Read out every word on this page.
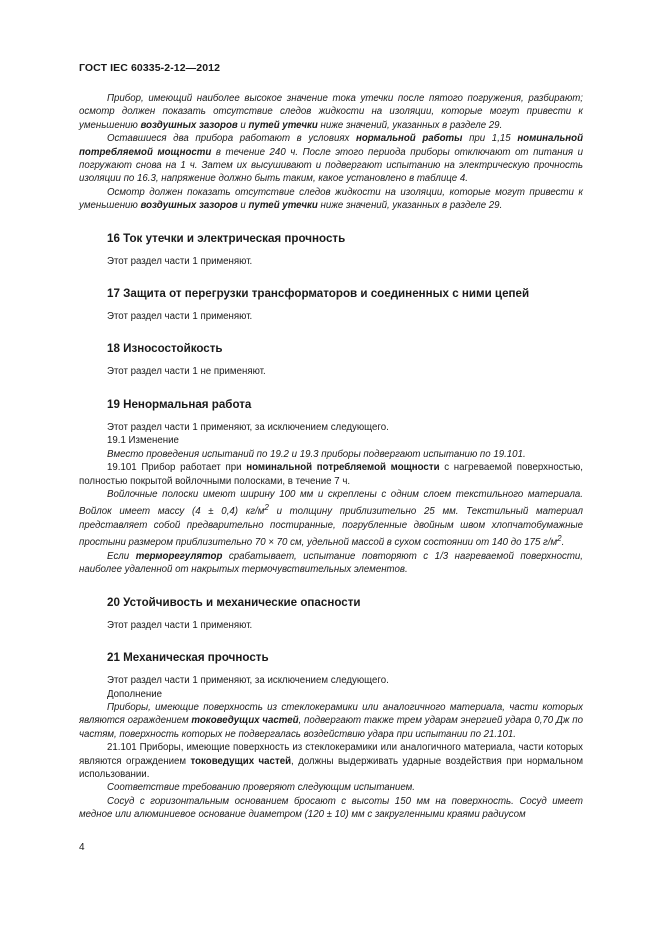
ГОСТ IEC 60335-2-12—2012

Прибор, имеющий наиболее высокое значение тока утечки после пятого погружения, разбирают; осмотр должен показать отсутствие следов жидкости на изоляции, которые могут привести к уменьшению воздушных зазоров и путей утечки ниже значений, указанных в разделе 29.

Оставшиеся два прибора работают в условиях нормальной работы при 1,15 номинальной потребляемой мощности в течение 240 ч. После этого периода приборы отключают от питания и погружают снова на 1 ч. Затем их высушивают и подвергают испытанию на электрическую прочность изоляции по 16.3, напряжение должно быть таким, какое установлено в таблице 4.

Осмотр должен показать отсутствие следов жидкости на изоляции, которые могут привести к уменьшению воздушных зазоров и путей утечки ниже значений, указанных в разделе 29.

16 Ток утечки и электрическая прочность

Этот раздел части 1 применяют.

17 Защита от перегрузки трансформаторов и соединенных с ними цепей

Этот раздел части 1 применяют.

18 Износостойкость

Этот раздел части 1 не применяют.

19 Ненормальная работа

Этот раздел части 1 применяют, за исключением следующего.

19.1 Изменение

Вместо проведения испытаний по 19.2 и 19.3 приборы подвергают испытанию по 19.101.

19.101 Прибор работает при номинальной потребляемой мощности с нагреваемой поверхностью, полностью покрытой войлочными полосками, в течение 7 ч.

Войлочные полоски имеют ширину 100 мм и скреплены с одним слоем текстильного материала. Войлок имеет массу (4 ± 0,4) $кг/м^2$ и толщину приблизительно 25 мм. Текстильный материал представляет собой предварительно постиранные, погрубленные двойным швом хлопчатобумажные простыни размером приблизительно 70 × 70 см, удельной массой в сухом состоянии от 140 до 175 $г/м^2$.

Если терморегулятор срабатывает, испытание повторяют с 1/3 нагреваемой поверхности, наиболее удаленной от накрытых термочувствительных элементов.

20 Устойчивость и механические опасности

Этот раздел части 1 применяют.

21 Механическая прочность

Этот раздел части 1 применяют, за исключением следующего.

Дополнение

Приборы, имеющие поверхность из стеклокерамики или аналогичного материала, части которых являются ограждением токоведущих частей, подвергают также трем ударам энергией удара 0,70 Дж по частям, поверхность которых не подвергалась воздействию удара при испытании по 21.101.

21.101 Приборы, имеющие поверхность из стеклокерамики или аналогичного материала, части которых являются ограждением токоведущих частей, должны выдерживать ударные воздействия при нормальном использовании.

Соответствие требованию проверяют следующим испытанием.

Сосуд с горизонтальным основанием бросают с высоты 150 мм на поверхность. Сосуд имеет медное или алюминиевое основание диаметром (120 ± 10) мм с закругленными краями радиусом

4
